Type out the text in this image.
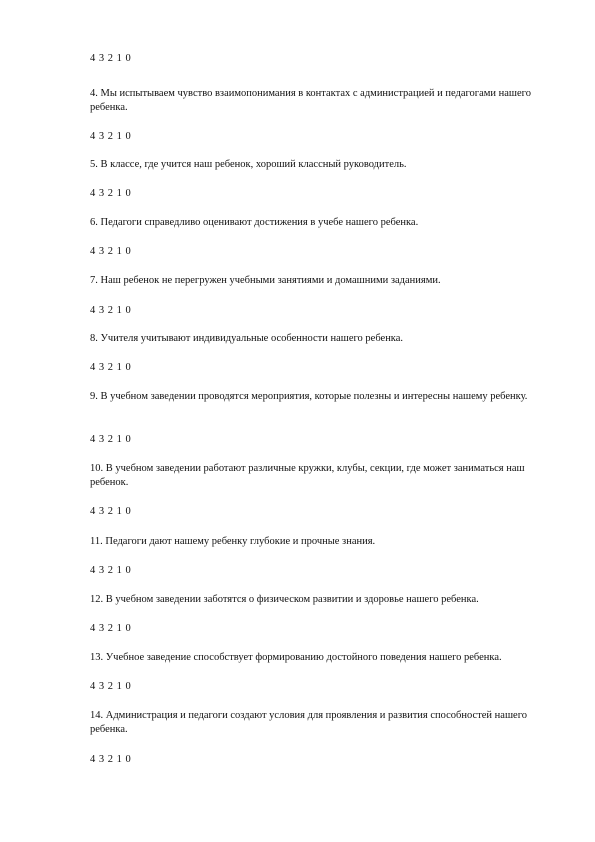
4 3 2 1 0
4. Мы испытываем чувство взаимопонимания в контактах с администрацией и педагогами нашего ребенка.
4 3 2 1 0
5. В классе, где учится наш ребенок, хороший классный руководитель.
4 3 2 1 0
6. Педагоги справедливо оценивают достижения в учебе нашего ребенка.
4 3 2 1 0
7. Наш ребенок не перегружен учебными занятиями и домашними заданиями.
4 3 2 1 0
8. Учителя учитывают индивидуальные особенности нашего ребенка.
4 3 2 1 0
9. В учебном заведении проводятся мероприятия, которые полезны и интересны нашему ребенку.
4 3 2 1 0
10. В учебном заведении работают различные кружки, клубы, секции, где может заниматься наш ребенок.
4 3 2 1 0
11. Педагоги дают нашему ребенку глубокие и прочные знания.
4 3 2 1 0
12. В учебном заведении заботятся о физическом развитии и здоровье нашего ребенка.
4 3 2 1 0
13. Учебное заведение способствует формированию достойного поведения нашего ребенка.
4 3 2 1 0
14. Администрация и педагоги создают условия для проявления и развития способностей нашего ребенка.
4 3 2 1 0
